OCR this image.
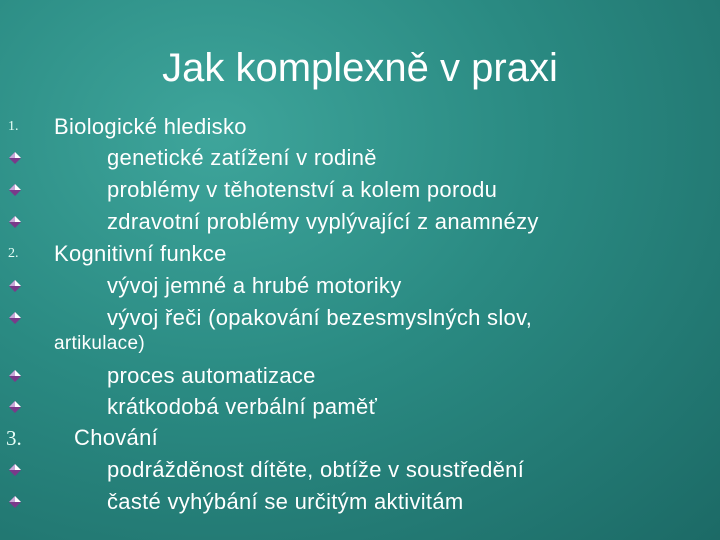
Jak komplexně v praxi
1.	Biologické hledisko
genetické zatížení v rodině
problémy v těhotenství a kolem porodu
zdravotní problémy vyplývající z anamnézy
2.	Kognitivní funkce
vývoj jemné a hrubé motoriky
vývoj řeči (opakování bezesmyslných slov,
artikulace)
proces automatizace
krátkodobá verbální paměť
3. Chování
podrážděnost dítěte, obtíže v soustředění
časté vyhýbání se určitým aktivitám
